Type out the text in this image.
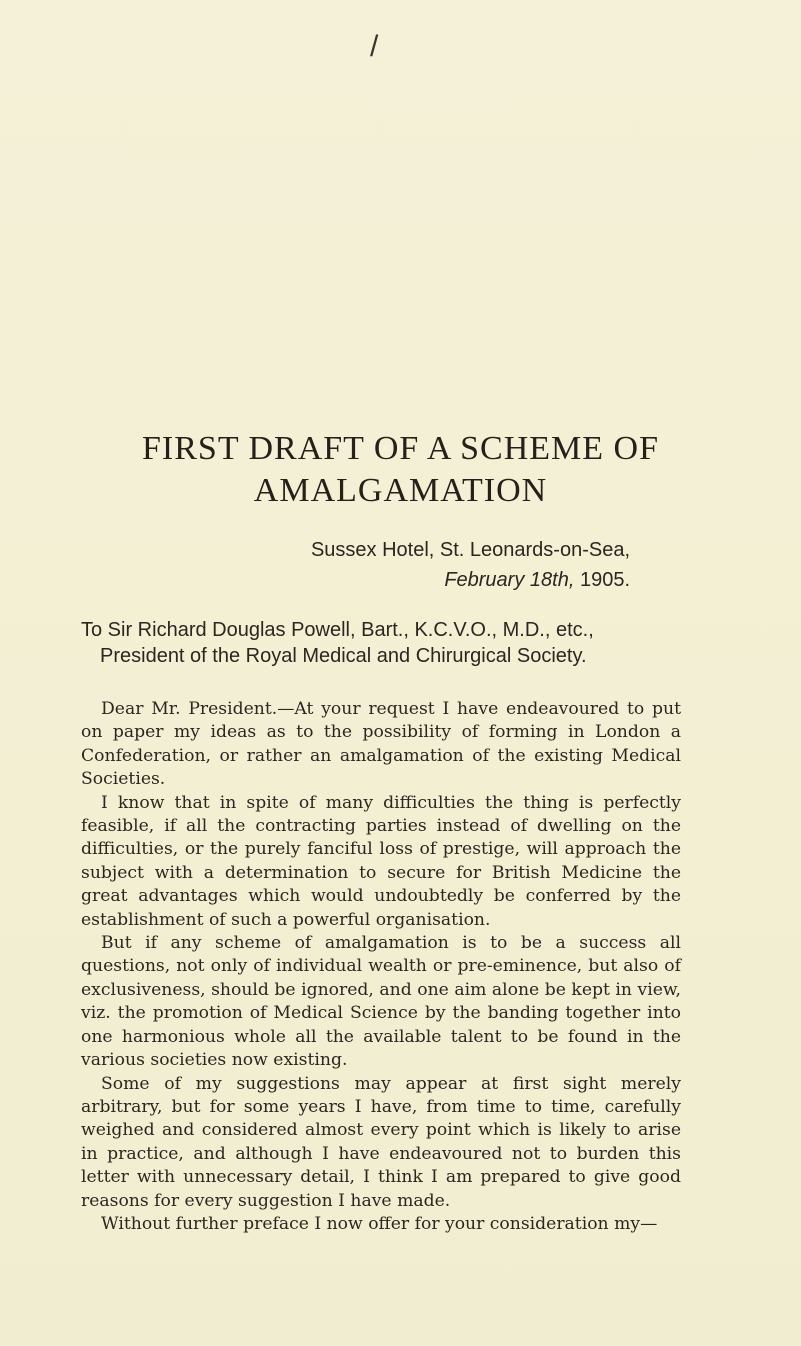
/
FIRST DRAFT OF A SCHEME OF
AMALGAMATION
Sussex Hotel, St. Leonards-on-Sea,
February 18th, 1905.
To Sir Richard Douglas Powell, Bart., K.C.V.O., M.D., etc.,
President of the Royal Medical and Chirurgical Society.

Dear Mr. President.—At your request I have endeavoured to put on paper my ideas as to the possibility of forming in London a Confederation, or rather an amalgamation of the existing Medical Societies.

I know that in spite of many difficulties the thing is perfectly feasible, if all the contracting parties instead of dwelling on the difficulties, or the purely fanciful loss of prestige, will approach the subject with a determination to secure for British Medicine the great advantages which would undoubtedly be conferred by the establishment of such a powerful organisation.

But if any scheme of amalgamation is to be a success all questions, not only of individual wealth or pre-eminence, but also of exclusiveness, should be ignored, and one aim alone be kept in view, viz. the promotion of Medical Science by the banding together into one harmonious whole all the available talent to be found in the various societies now existing.

Some of my suggestions may appear at first sight merely arbitrary, but for some years I have, from time to time, carefully weighed and considered almost every point which is likely to arise in practice, and although I have endeavoured not to burden this letter with unnecessary detail, I think I am prepared to give good reasons for every suggestion I have made.

Without further preface I now offer for your consideration my—
